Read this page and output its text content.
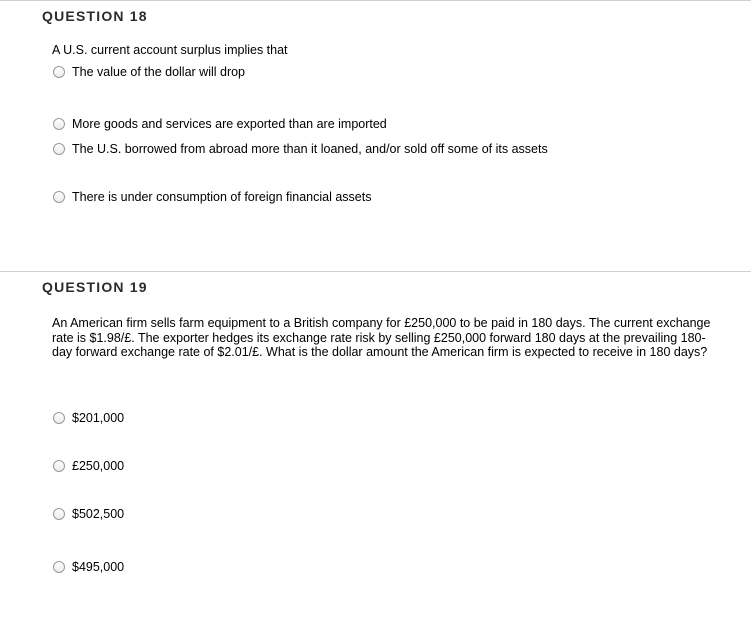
QUESTION 18
A U.S. current account surplus implies that
The value of the dollar will drop
More goods and services are exported than are imported
The U.S. borrowed from abroad more than it loaned, and/or sold off some of its assets
There is under consumption of foreign financial assets
QUESTION 19
An American firm sells farm equipment to a British company for £250,000 to be paid in 180 days. The current exchange rate is $1.98/£. The exporter hedges its exchange rate risk by selling £250,000 forward 180 days at the prevailing 180-day forward exchange rate of $2.01/£. What is the dollar amount the American firm is expected to receive in 180 days?
$201,000
£250,000
$502,500
$495,000
